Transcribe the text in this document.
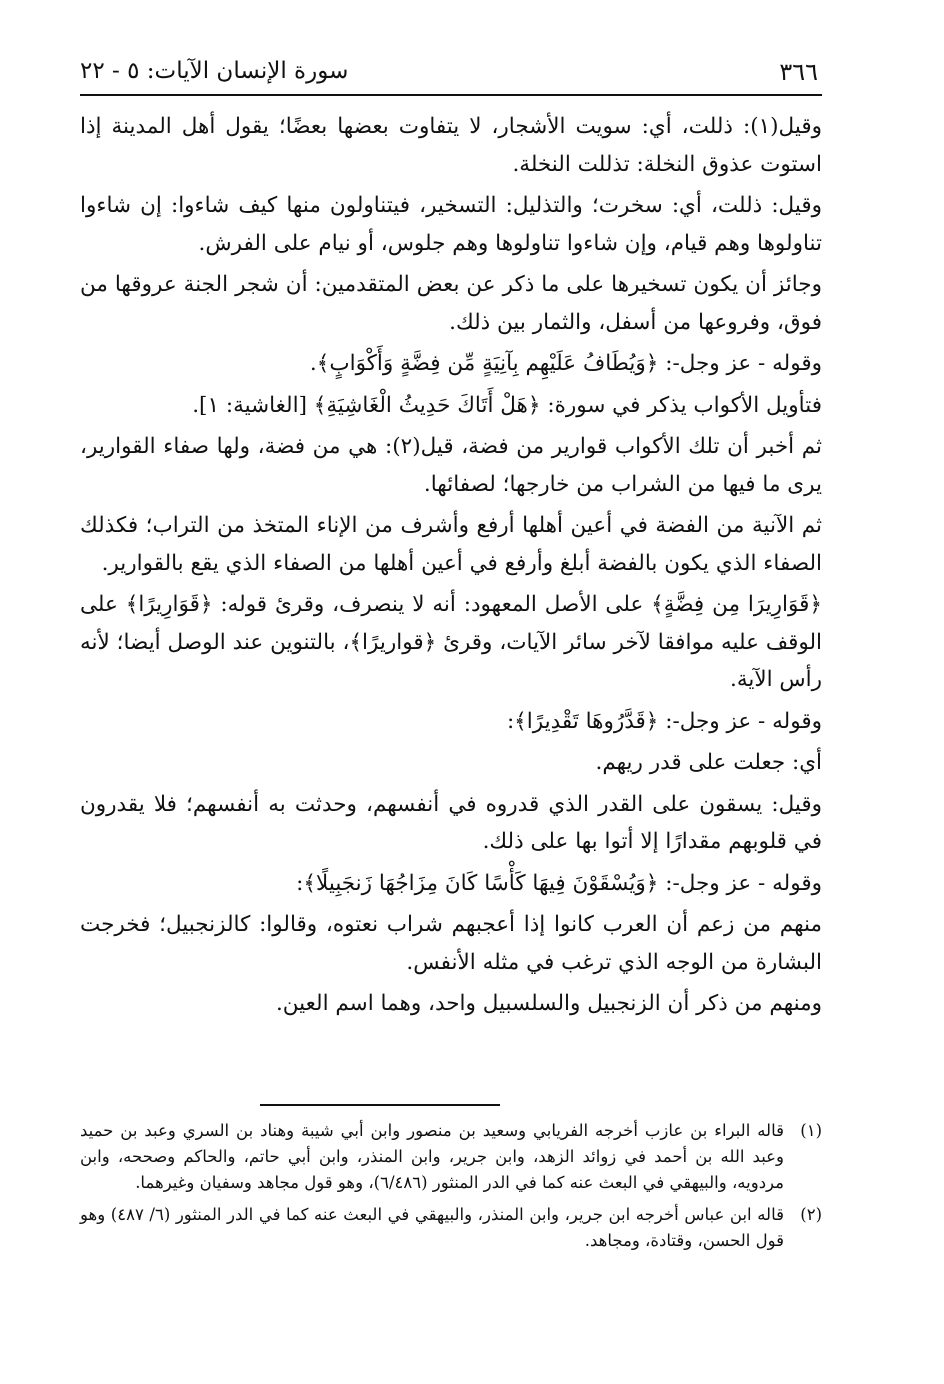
٣٦٦
سورة الإنسان الآيات: ٥ - ٢٢

وقيل(١): ذللت، أي: سويت الأشجار، لا يتفاوت بعضها بعضًا؛ يقول أهل المدينة إذا استوت عذوق النخلة: تذللت النخلة.

وقيل: ذللت، أي: سخرت؛ والتذليل: التسخير، فيتناولون منها كيف شاءوا: إن شاءوا تناولوها وهم قيام، وإن شاءوا تناولوها وهم جلوس، أو نيام على الفرش.

وجائز أن يكون تسخيرها على ما ذكر عن بعض المتقدمين: أن شجر الجنة عروقها من فوق، وفروعها من أسفل، والثمار بين ذلك.

وقوله - عز وجل-: ﴿وَيُطَافُ عَلَيْهِم بِآنِيَةٍ مِّن فِضَّةٍ وَأَكْوَابٍ﴾.

فتأويل الأكواب يذكر في سورة: ﴿هَلْ أَتَاكَ حَدِيثُ الْغَاشِيَةِ﴾ [الغاشية: ١].

ثم أخبر أن تلك الأكواب قوارير من فضة، قيل(٢): هي من فضة، ولها صفاء القوارير، يرى ما فيها من الشراب من خارجها؛ لصفائها.

ثم الآنية من الفضة في أعين أهلها أرفع وأشرف من الإناء المتخذ من التراب؛ فكذلك الصفاء الذي يكون بالفضة أبلغ وأرفع في أعين أهلها من الصفاء الذي يقع بالقوارير.

﴿قَوَارِيرَا مِن فِضَّةٍ﴾ على الأصل المعهود: أنه لا ينصرف، وقرئ قوله: ﴿قَوَارِيرًا﴾ على الوقف عليه موافقا لآخر سائر الآيات، وقرئ ﴿قواريرًا﴾، بالتنوين عند الوصل أيضا؛ لأنه رأس الآية.

وقوله - عز وجل-: ﴿قَدَّرُوهَا تَقْدِيرًا﴾:

أي: جعلت على قدر ريهم.

وقيل: يسقون على القدر الذي قدروه في أنفسهم، وحدثت به أنفسهم؛ فلا يقدرون في قلوبهم مقدارًا إلا أتوا بها على ذلك.

وقوله - عز وجل-: ﴿وَيُسْقَوْنَ فِيهَا كَأْسًا كَانَ مِزَاجُهَا زَنجَبِيلًا﴾:

منهم من زعم أن العرب كانوا إذا أعجبهم شراب نعتوه، وقالوا: كالزنجبيل؛ فخرجت البشارة من الوجه الذي ترغب في مثله الأنفس.

ومنهم من ذكر أن الزنجبيل والسلسبيل واحد، وهما اسم العين.

(١)
قاله البراء بن عازب أخرجه الفريابي وسعيد بن منصور وابن أبي شيبة وهناد بن السري وعبد بن حميد وعبد الله بن أحمد في زوائد الزهد، وابن جرير، وابن المنذر، وابن أبي حاتم، والحاكم وصححه، وابن مردويه، والبيهقي في البعث عنه كما في الدر المنثور (٦/٤٨٦)، وهو قول مجاهد وسفيان وغيرهما.

(٢)
قاله ابن عباس أخرجه ابن جرير، وابن المنذر، والبيهقي في البعث عنه كما في الدر المنثور (٦/ ٤٨٧) وهو قول الحسن، وقتادة، ومجاهد.
